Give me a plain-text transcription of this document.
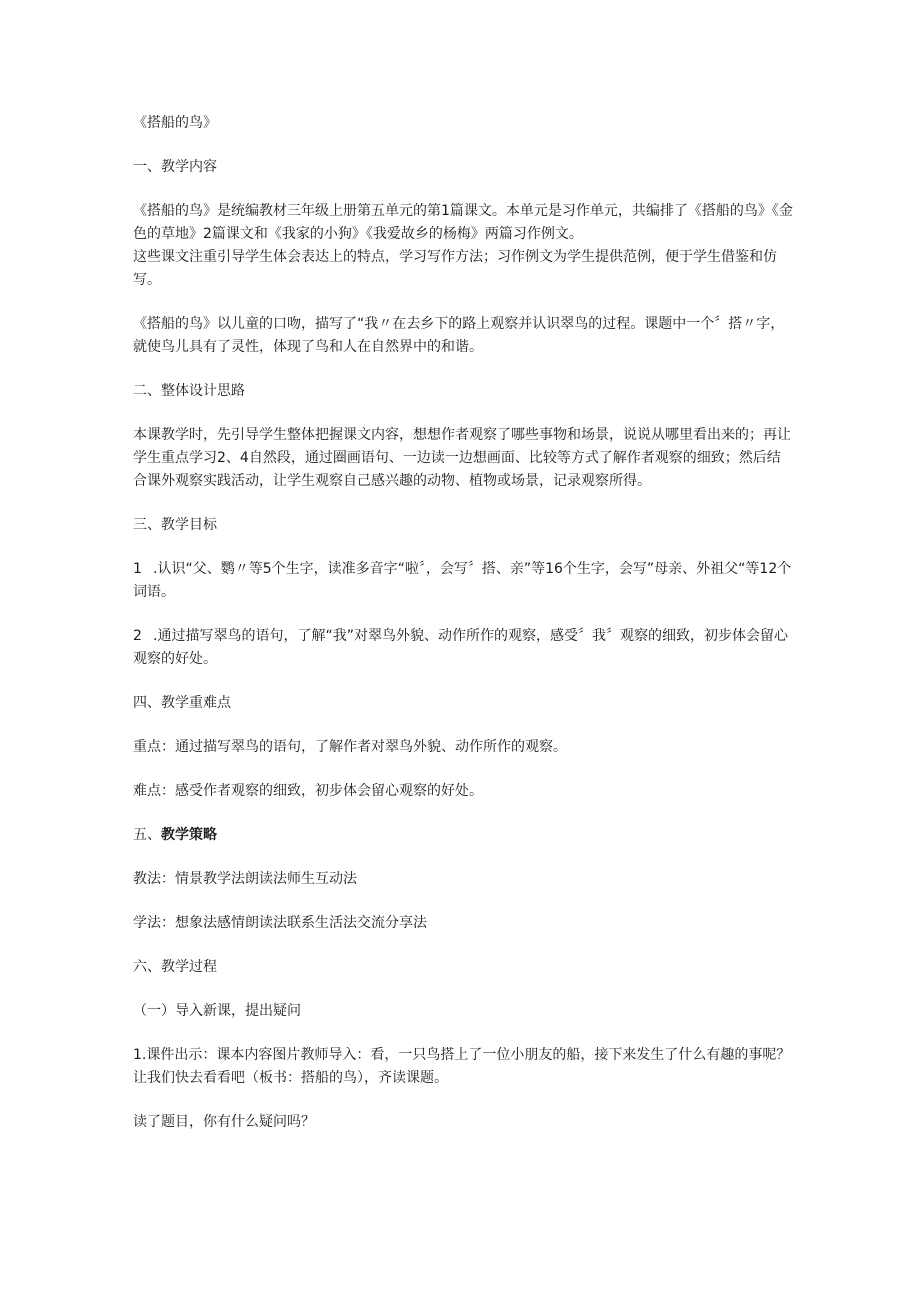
《搭船的鸟》

一、教学内容

《搭船的鸟》是统编教材三年级上册第五单元的第1篇课文。本单元是习作单元，共编排了《搭船的鸟》《金色的草地》2篇课文和《我家的小狗》《我爱故乡的杨梅》两篇习作例文。

这些课文注重引导学生体会表达上的特点，学习写作方法；习作例文为学生提供范例，便于学生借鉴和仿写。

《搭船的鸟》以儿童的口吻，描写了“我〃在去乡下的路上观察并认识翠鸟的过程。课题中一个〞搭〃字，就使鸟儿具有了灵性，体现了鸟和人在自然界中的和谐。

二、整体设计思路

本课教学时，先引导学生整体把握课文内容，想想作者观察了哪些事物和场景，说说从哪里看出来的；再让学生重点学习2、4自然段，通过圈画语句、一边读一边想画面、比较等方式了解作者观察的细致；然后结合课外观察实践活动，让学生观察自己感兴趣的动物、植物或场景，记录观察所得。

三、教学目标

1 .认识“父、鹦〃等5个生字，读准多音字“啦〞，会写〞搭、亲”等16个生字，会写”母亲、外祖父“等12个词语。

2 .通过描写翠鸟的语句，了解“我”对翠鸟外貌、动作所作的观察，感受〞我〞观察的细致，初步体会留心观察的好处。

四、教学重难点

重点：通过描写翠鸟的语句，了解作者对翠鸟外貌、动作所作的观察。

难点：感受作者观察的细致，初步体会留心观察的好处。

五、教学策略

教法：情景教学法朗读法师生互动法

学法：想象法感情朗读法联系生活法交流分享法

六、教学过程

（一）导入新课，提出疑问

1.课件出示：课本内容图片教师导入：看，一只鸟搭上了一位小朋友的船，接下来发生了什么有趣的事呢？让我们快去看看吧（板书：搭船的鸟），齐读课题。

读了题目，你有什么疑问吗？
